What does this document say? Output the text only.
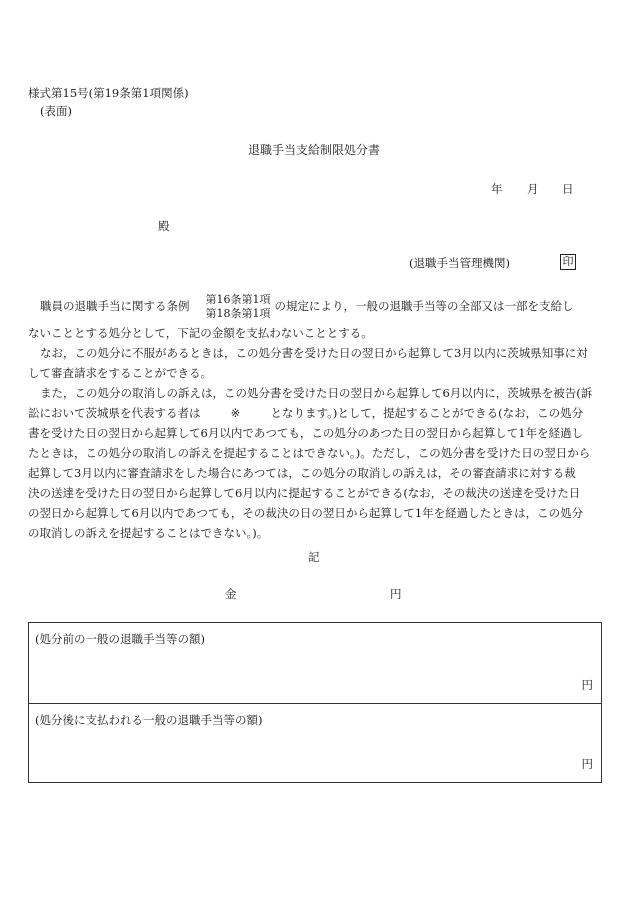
様式第15号(第19条第1項関係)
(表面)
退職手当支給制限処分書
年 月 日
殿
(退職手当管理機関)	印
職員の退職手当に関する条例	第16条第1項
第18条第1項
の規定により，一般の退職手当等の全部又は一部を支給し
ないこととする処分として，下記の金額を支払わないこととする。
なお，この処分に不服があるときは，この処分書を受けた日の翌日から起算して3月以内に茨城県知事に対
して審査請求をすることができる。
また，この処分の取消しの訴えは，この処分書を受けた日の翌日から起算して6月以内に，茨城県を被告(訴
訟において茨城県を代表する者は	※	となります。)として，提起することができる(なお，この処分
書を受けた日の翌日から起算して6月以内であつても，この処分のあつた日の翌日から起算して1年を経過し
たときは，この処分の取消しの訴えを提起することはできない。)。ただし，この処分書を受けた日の翌日から
起算して3月以内に審査請求をした場合にあつては，この処分の取消しの訴えは，その審査請求に対する裁
決の送達を受けた日の翌日から起算して6月以内に提起することができる(なお，その裁決の送達を受けた日
の翌日から起算して6月以内であつても，その裁決の日の翌日から起算して1年を経過したときは，この処分
の取消しの訴えを提起することはできない。)。
記
金	円
(処分前の一般の退職手当等の額)
円
(処分後に支払われる一般の退職手当等の額)
円
